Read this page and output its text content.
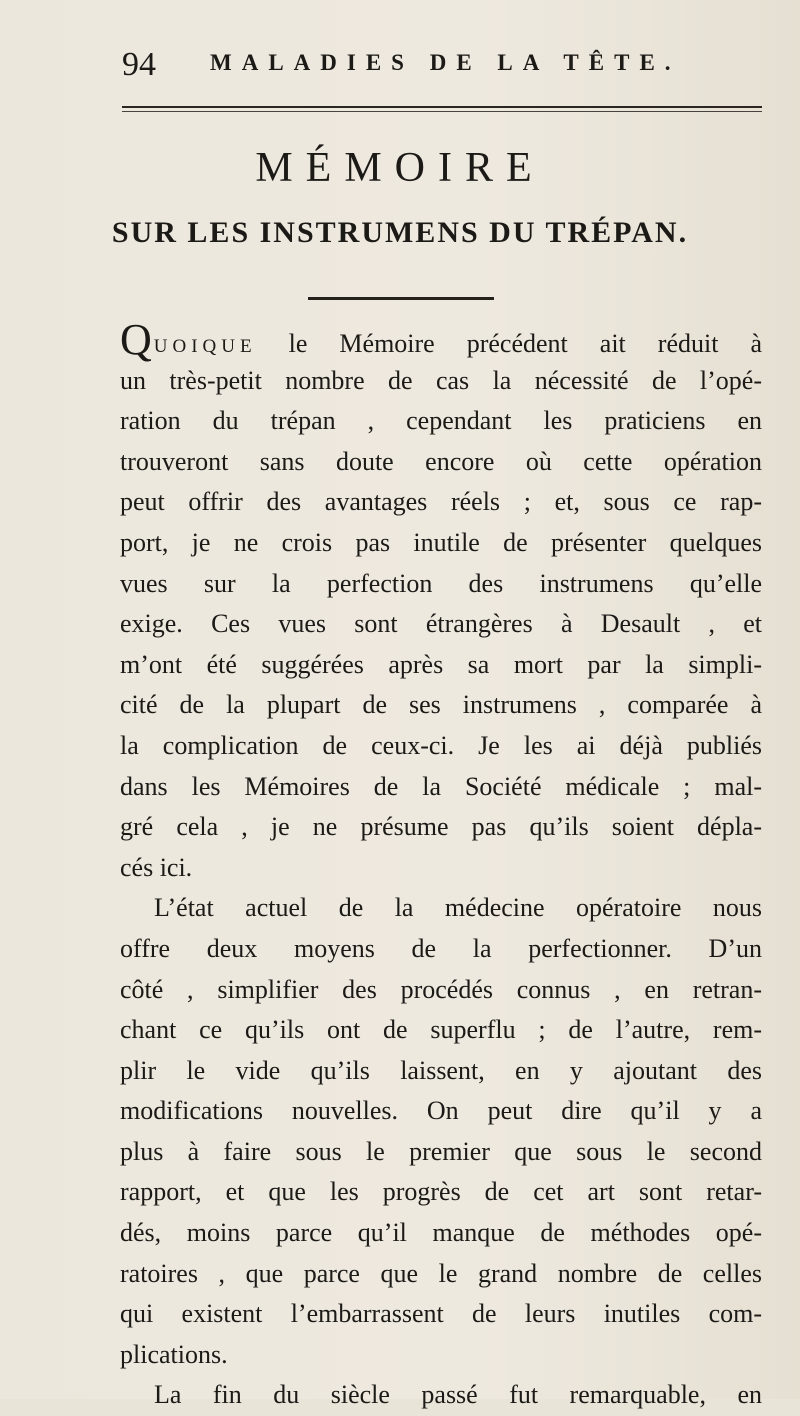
94 MALADIES DE LA TÊTE.
MÉMOIRE
SUR LES INSTRUMENS DU TRÉPAN.
QUOIQUE le Mémoire précédent ait réduit à
un très-petit nombre de cas la nécessité de l’opé-
ration du trépan , cependant les praticiens en
trouveront sans doute encore où cette opération
peut offrir des avantages réels ; et, sous ce rap-
port, je ne crois pas inutile de présenter quelques
vues sur la perfection des instrumens qu’elle
exige. Ces vues sont étrangères à Desault , et
m’ont été suggérées après sa mort par la simpli-
cité de la plupart de ses instrumens , comparée à
la complication de ceux-ci. Je les ai déjà publiés
dans les Mémoires de la Société médicale ; mal-
gré cela , je ne présume pas qu’ils soient dépla-
cés ici.
L’état actuel de la médecine opératoire nous
offre deux moyens de la perfectionner. D’un
côté , simplifier des procédés connus , en retran-
chant ce qu’ils ont de superflu ; de l’autre, rem-
plir le vide qu’ils laissent, en y ajoutant des
modifications nouvelles. On peut dire qu’il y a
plus à faire sous le premier que sous le second
rapport, et que les progrès de cet art sont retar-
dés, moins parce qu’il manque de méthodes opé-
ratoires , que parce que le grand nombre de celles
qui existent l’embarrassent de leurs inutiles com-
plications.
La fin du siècle passé fut remarquable, en
